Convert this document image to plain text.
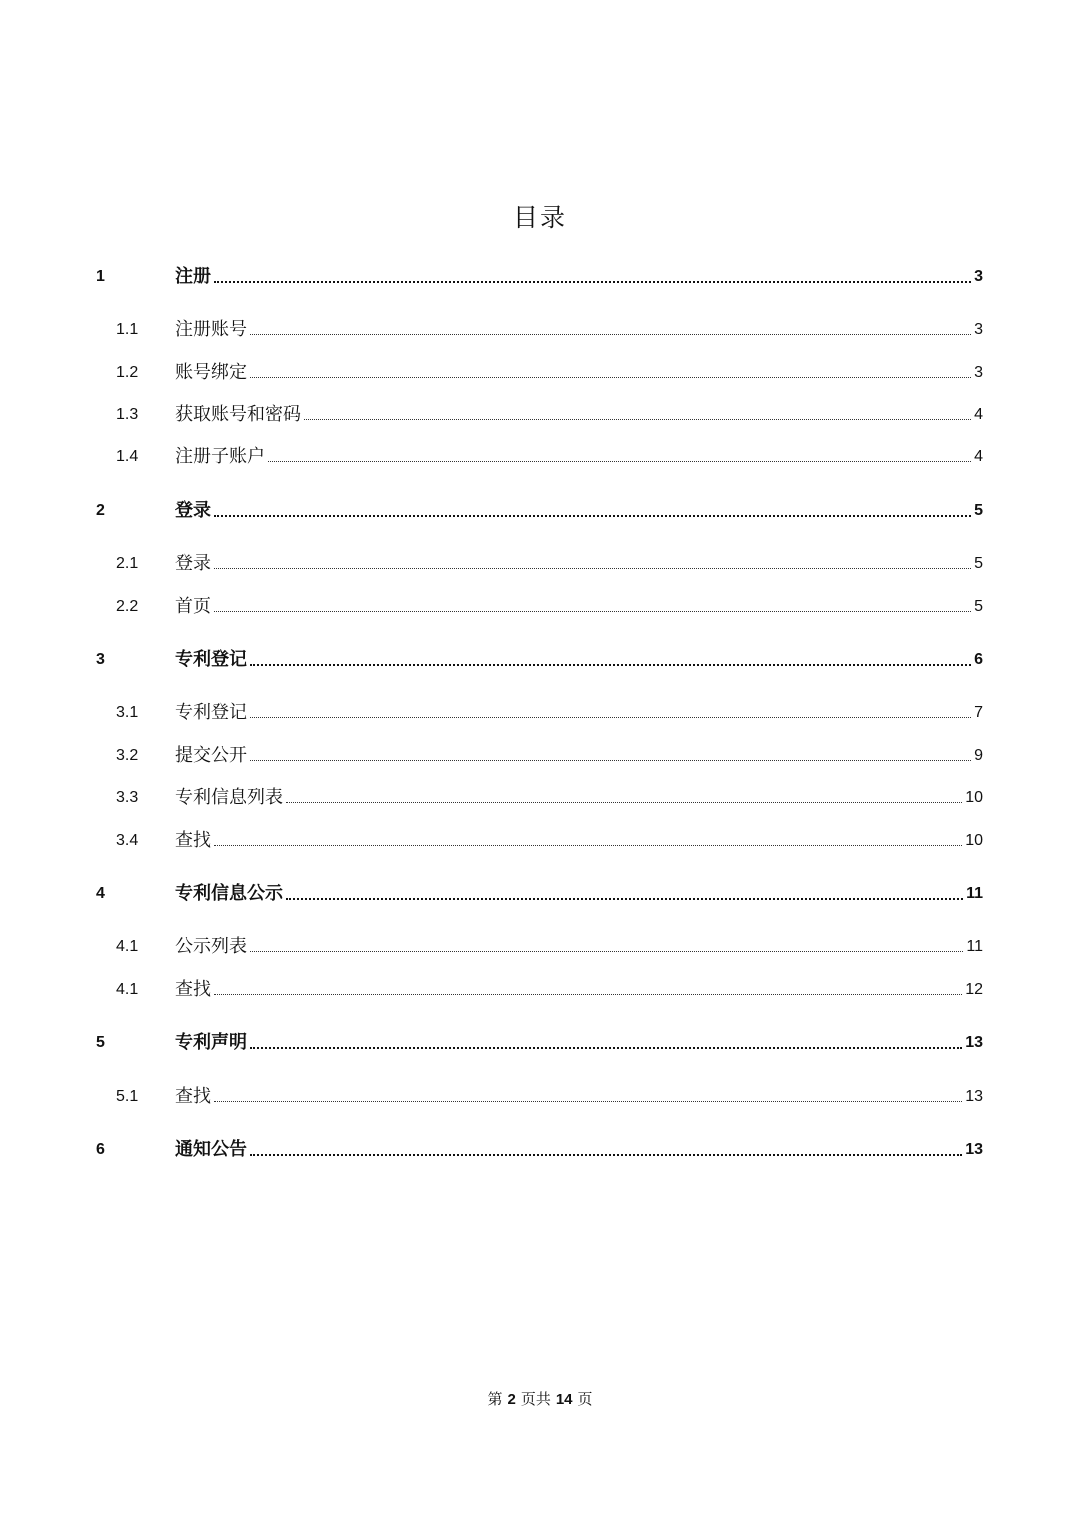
目录
1	注册	3
1.1 注册账号	3
1.2 账号绑定	3
1.3 获取账号和密码	4
1.4 注册子账户	4
2	登录	5
2.1 登录	5
2.2 首页	5
3	专利登记	6
3.1 专利登记	7
3.2 提交公开	9
3.3 专利信息列表	10
3.4 查找	10
4	专利信息公示	11
4.1 公示列表	11
4.1 查找	12
5	专利声明	13
5.1 查找	13
6	通知公告	13
第 2 页共 14 页
